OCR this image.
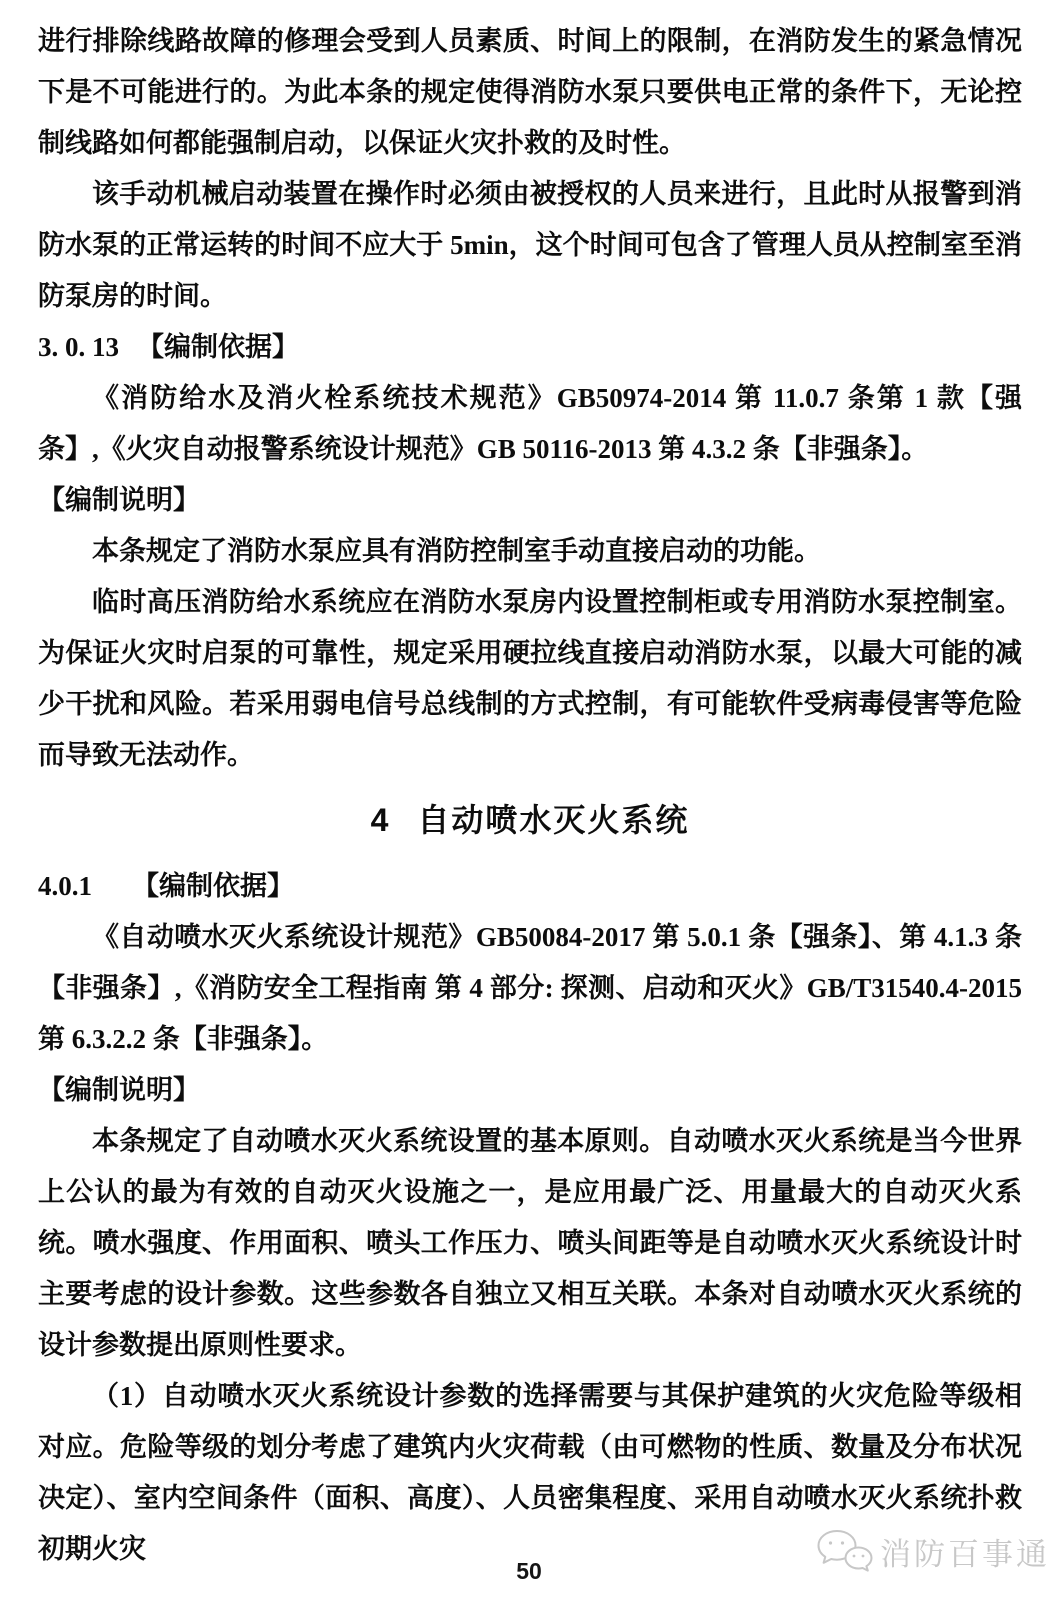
进行排除线路故障的修理会受到人员素质、时间上的限制，在消防发生的紧急情况下是不可能进行的。为此本条的规定使得消防水泵只要供电正常的条件下，无论控制线路如何都能强制启动，以保证火灾扑救的及时性。

该手动机械启动装置在操作时必须由被授权的人员来进行，且此时从报警到消防水泵的正常运转的时间不应大于 5min，这个时间可包含了管理人员从控制室至消防泵房的时间。

3. 0. 13 【编制依据】

《消防给水及消火栓系统技术规范》GB50974-2014 第 11.0.7 条第 1 款【强条】,《火灾自动报警系统设计规范》GB 50116-2013 第 4.3.2 条【非强条】。

【编制说明】

本条规定了消防水泵应具有消防控制室手动直接启动的功能。

临时高压消防给水系统应在消防水泵房内设置控制柜或专用消防水泵控制室。为保证火灾时启泵的可靠性，规定采用硬拉线直接启动消防水泵，以最大可能的减少干扰和风险。若采用弱电信号总线制的方式控制，有可能软件受病毒侵害等危险而导致无法动作。

4 自动喷水灭火系统

4.0.1 【编制依据】

《自动喷水灭火系统设计规范》GB50084-2017 第 5.0.1 条【强条】、第 4.1.3 条【非强条】,《消防安全工程指南 第 4 部分: 探测、启动和灭火》GB/T31540.4-2015 第 6.3.2.2 条【非强条】。

【编制说明】

本条规定了自动喷水灭火系统设置的基本原则。自动喷水灭火系统是当今世界上公认的最为有效的自动灭火设施之一，是应用最广泛、用量最大的自动灭火系统。喷水强度、作用面积、喷头工作压力、喷头间距等是自动喷水灭火系统设计时主要考虑的设计参数。这些参数各自独立又相互关联。本条对自动喷水灭火系统的设计参数提出原则性要求。

（1）自动喷水灭火系统设计参数的选择需要与其保护建筑的火灾危险等级相对应。危险等级的划分考虑了建筑内火灾荷载（由可燃物的性质、数量及分布状况决定）、室内空间条件（面积、高度）、人员密集程度、采用自动喷水灭火系统扑救初期火灾	消防百事通
50
